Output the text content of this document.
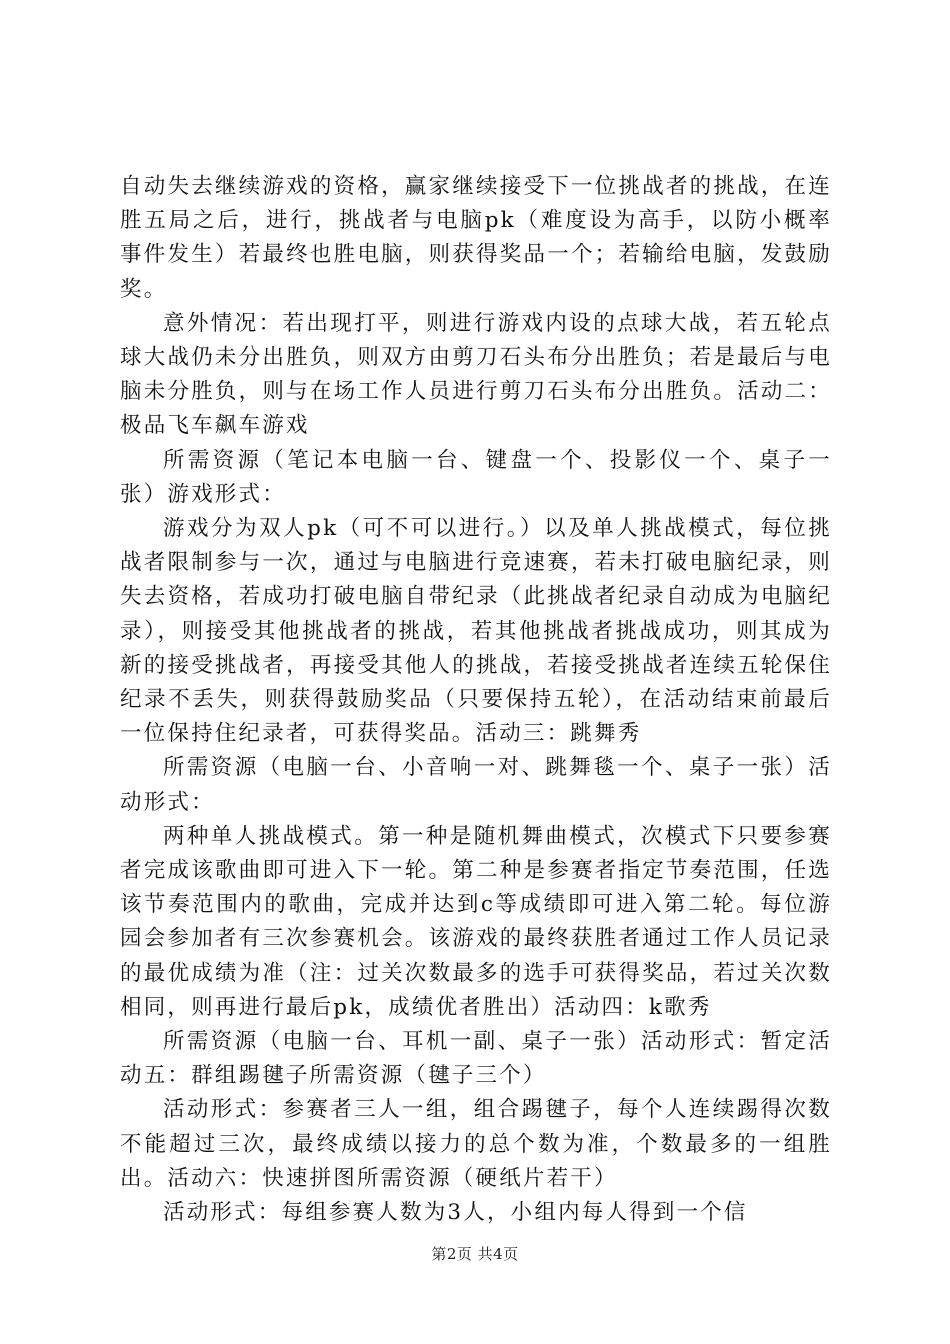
自动失去继续游戏的资格，赢家继续接受下一位挑战者的挑战，在连胜五局之后，进行，挑战者与电脑pk（难度设为高手，以防小概率事件发生）若最终也胜电脑，则获得奖品一个；若输给电脑，发鼓励奖。

意外情况：若出现打平，则进行游戏内设的点球大战，若五轮点球大战仍未分出胜负，则双方由剪刀石头布分出胜负；若是最后与电脑未分胜负，则与在场工作人员进行剪刀石头布分出胜负。活动二：极品飞车飙车游戏

所需资源（笔记本电脑一台、键盘一个、投影仪一个、桌子一张）游戏形式：

游戏分为双人pk（可不可以进行。）以及单人挑战模式，每位挑战者限制参与一次，通过与电脑进行竞速赛，若未打破电脑纪录，则失去资格，若成功打破电脑自带纪录（此挑战者纪录自动成为电脑纪录），则接受其他挑战者的挑战，若其他挑战者挑战成功，则其成为新的接受挑战者，再接受其他人的挑战，若接受挑战者连续五轮保住纪录不丢失，则获得鼓励奖品（只要保持五轮），在活动结束前最后一位保持住纪录者，可获得奖品。活动三：跳舞秀

所需资源（电脑一台、小音响一对、跳舞毯一个、桌子一张）活动形式：

两种单人挑战模式。第一种是随机舞曲模式，次模式下只要参赛者完成该歌曲即可进入下一轮。第二种是参赛者指定节奏范围，任选该节奏范围内的歌曲，完成并达到c等成绩即可进入第二轮。每位游园会参加者有三次参赛机会。该游戏的最终获胜者通过工作人员记录的最优成绩为准（注：过关次数最多的选手可获得奖品，若过关次数相同，则再进行最后pk，成绩优者胜出）活动四：k歌秀

所需资源（电脑一台、耳机一副、桌子一张）活动形式：暂定活动五：群组踢毽子所需资源（毽子三个）

活动形式：参赛者三人一组，组合踢毽子，每个人连续踢得次数不能超过三次，最终成绩以接力的总个数为准，个数最多的一组胜出。活动六：快速拼图所需资源（硬纸片若干）

活动形式：每组参赛人数为3人，小组内每人得到一个信

第2页 共4页
